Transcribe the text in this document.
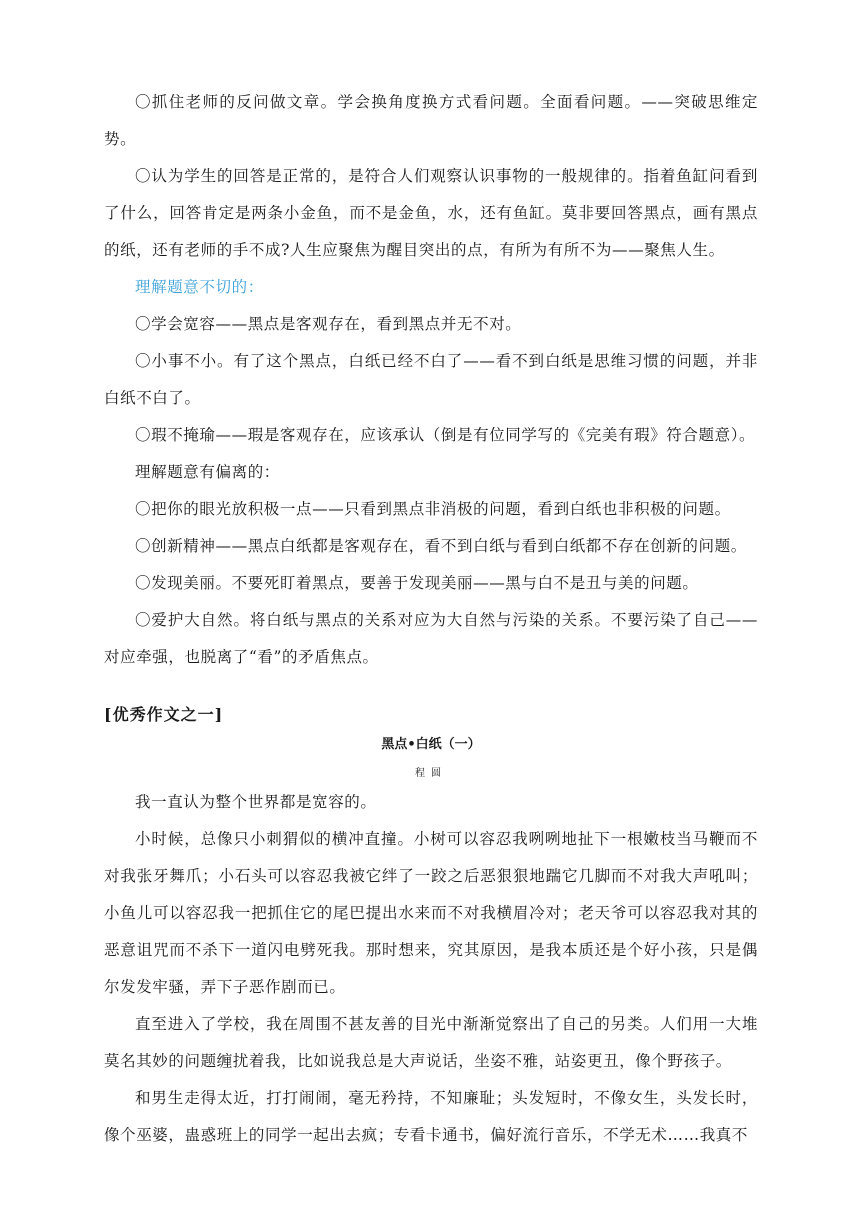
〇抓住老师的反问做文章。学会换角度换方式看问题。全面看问题。——突破思维定势。

〇认为学生的回答是正常的，是符合人们观察认识事物的一般规律的。指着鱼缸问看到了什么，回答肯定是两条小金鱼，而不是金鱼，水，还有鱼缸。莫非要回答黑点，画有黑点的纸，还有老师的手不成?人生应聚焦为醒目突出的点，有所为有所不为——聚焦人生。

理解题意不切的：

〇学会宽容——黑点是客观存在，看到黑点并无不对。

〇小事不小。有了这个黑点，白纸已经不白了——看不到白纸是思维习惯的问题，并非白纸不白了。

〇瑕不掩瑜——瑕是客观存在，应该承认（倒是有位同学写的《完美有瑕》符合题意）。

理解题意有偏离的：

〇把你的眼光放积极一点——只看到黑点非消极的问题，看到白纸也非积极的问题。

〇创新精神——黑点白纸都是客观存在，看不到白纸与看到白纸都不存在创新的问题。

〇发现美丽。不要死盯着黑点，要善于发现美丽——黑与白不是丑与美的问题。

〇爱护大自然。将白纸与黑点的关系对应为大自然与污染的关系。不要污染了自己——对应牵强，也脱离了“看”的矛盾焦点。

[优秀作文之一]
黑点•白纸（一）
程圆

我一直认为整个世界都是宽容的。

小时候，总像只小刺猬似的横冲直撞。小树可以容忍我咧咧地扯下一根嫩枝当马鞭而不对我张牙舞爪；小石头可以容忍我被它绊了一跤之后恶狠狠地踹它几脚而不对我大声吼叫；小鱼儿可以容忍我一把抓住它的尾巴提出水来而不对我横眉冷对；老天爷可以容忍我对其的恶意诅咒而不杀下一道闪电劈死我。那时想来，究其原因，是我本质还是个好小孩，只是偶尔发发牢骚，弄下子恶作剧而已。

直至进入了学校，我在周围不甚友善的目光中渐渐觉察出了自己的另类。人们用一大堆莫名其妙的问题缠扰着我，比如说我总是大声说话，坐姿不雅，站姿更丑，像个野孩子。

和男生走得太近，打打闹闹，毫无矜持，不知廉耻；头发短时，不像女生，头发长时，像个巫婆，蛊惑班上的同学一起出去疯；专看卡通书，偏好流行音乐，不学无术……我真不
